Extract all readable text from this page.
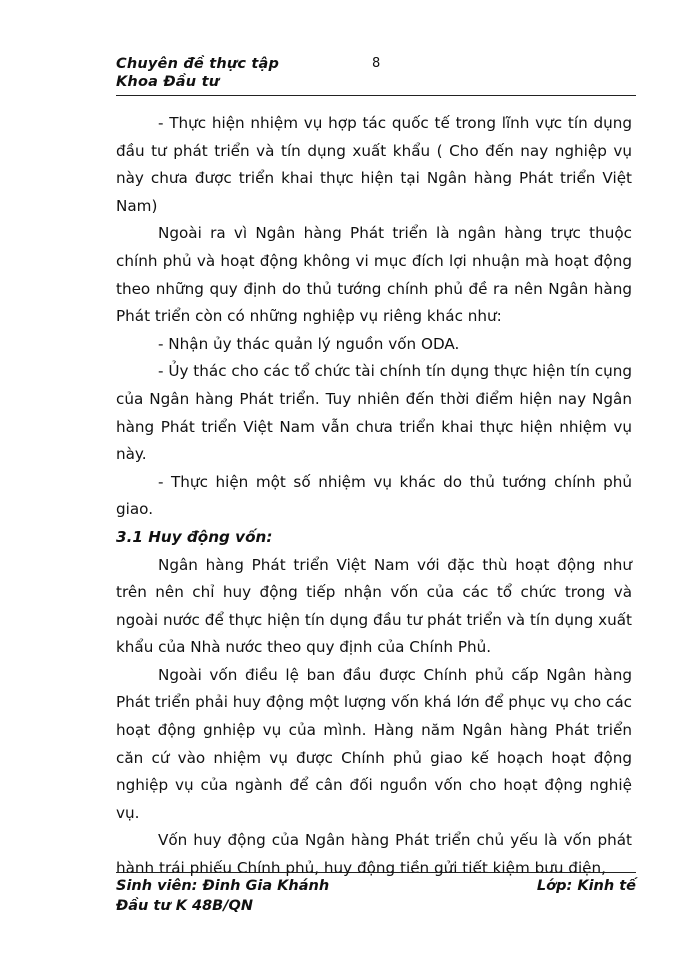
Chuyên đề thực tập
Khoa Đầu tư
8

- Thực hiện nhiệm vụ hợp tác quốc tế trong lĩnh vực tín dụng đầu tư phát triển và tín dụng xuất khẩu ( Cho đến nay nghiệp vụ này chưa được triển khai thực hiện tại Ngân hàng Phát triển Việt Nam)

Ngoài ra vì Ngân hàng Phát triển là ngân hàng trực thuộc chính phủ và hoạt động không vi mục đích lợi nhuận mà hoạt động theo những quy định do thủ tướng chính phủ đề ra nên Ngân hàng Phát triển còn có những nghiệp vụ riêng khác như:

- Nhận ủy thác quản lý nguồn vốn ODA.

- Ủy thác cho các tổ chức tài chính tín dụng thực hiện tín cụng của Ngân hàng Phát triển. Tuy nhiên đến thời điểm hiện nay Ngân hàng Phát triển Việt Nam vẫn chưa triển khai thực hiện nhiệm vụ này.

- Thực hiện một số nhiệm vụ khác do thủ tướng chính phủ giao.

3.1 Huy động vốn:

Ngân hàng Phát triển Việt Nam với đặc thù hoạt động như trên nên chỉ huy động tiếp nhận vốn của các tổ chức trong và ngoài nước để thực hiện tín dụng đầu tư phát triển và tín dụng xuất khẩu của Nhà nước theo quy định của Chính Phủ.

Ngoài vốn điều lệ ban đầu được Chính phủ cấp Ngân hàng Phát triển phải huy động một lượng vốn khá lớn để phục vụ cho các hoạt động gnhiệp vụ của mình. Hàng năm Ngân hàng Phát triển căn cứ vào nhiệm vụ được Chính phủ giao kế hoạch hoạt động nghiệp vụ của ngành để cân đối nguồn vốn cho hoạt động nghiệ vụ.

Vốn huy động của Ngân hàng Phát triển chủ yếu là vốn phát hành trái phiếu Chính phủ, huy động tiền gửi tiết kiệm bưu điện,

Sinh viên: Đinh Gia Khánh	Lớp: Kinh tế
Đầu tư K 48B/QN
